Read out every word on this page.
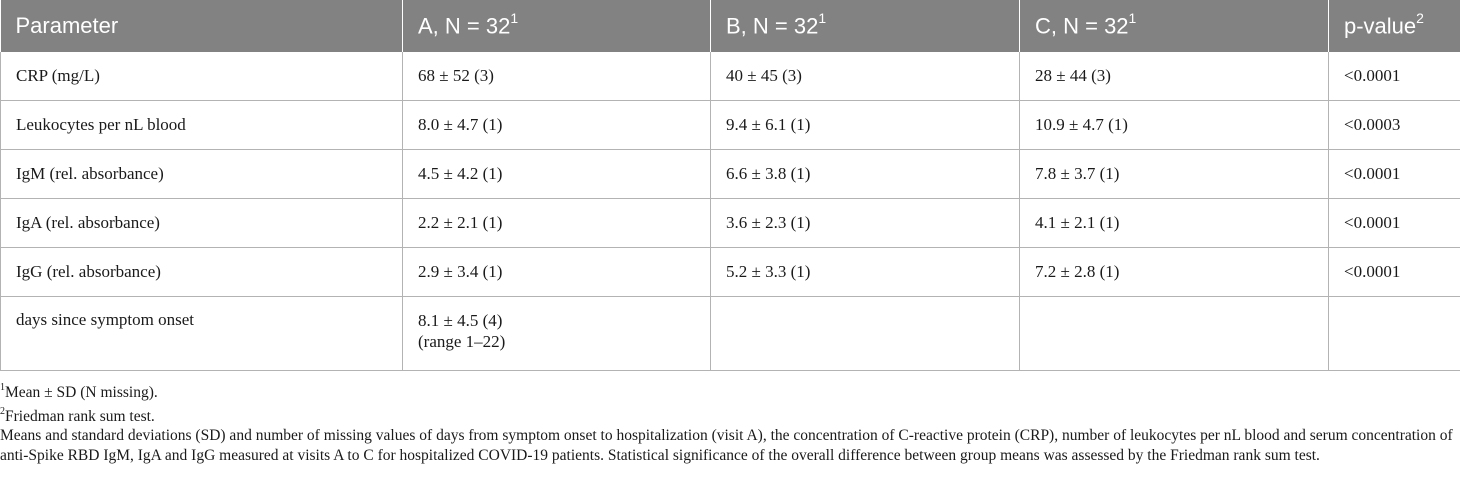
Parameter	A, $N = 32^1$	B, $N = 32^1$	C, $N = 32^1$	p-value$^2$
CRP (mg/L)	68 ± 52 (3)	40 ± 45 (3)	28 ± 44 (3)	<0.0001
Leukocytes per nL blood	8.0 ± 4.7 (1)	9.4 ± 6.1 (1)	10.9 ± 4.7 (1)	<0.0003
IgM (rel. absorbance)	4.5 ± 4.2 (1)	6.6 ± 3.8 (1)	7.8 ± 3.7 (1)	<0.0001
IgA (rel. absorbance)	2.2 ± 2.1 (1)	3.6 ± 2.3 (1)	4.1 ± 2.1 (1)	<0.0001
IgG (rel. absorbance)	2.9 ± 3.4 (1)	5.2 ± 3.3 (1)	7.2 ± 2.8 (1)	<0.0001
days since symptom onset	8.1 ± 4.5 (4)
(range 1–22)			

$^1$Mean ± SD (N missing).
$^2$Friedman rank sum test.
Means and standard deviations (SD) and number of missing values of days from symptom onset to hospitalization (visit A), the concentration of C-reactive protein (CRP), number of leukocytes per nL blood and serum concentration of anti-Spike RBD IgM, IgA and IgG measured at visits A to C for hospitalized COVID-19 patients. Statistical significance of the overall difference between group means was assessed by the Friedman rank sum test.
